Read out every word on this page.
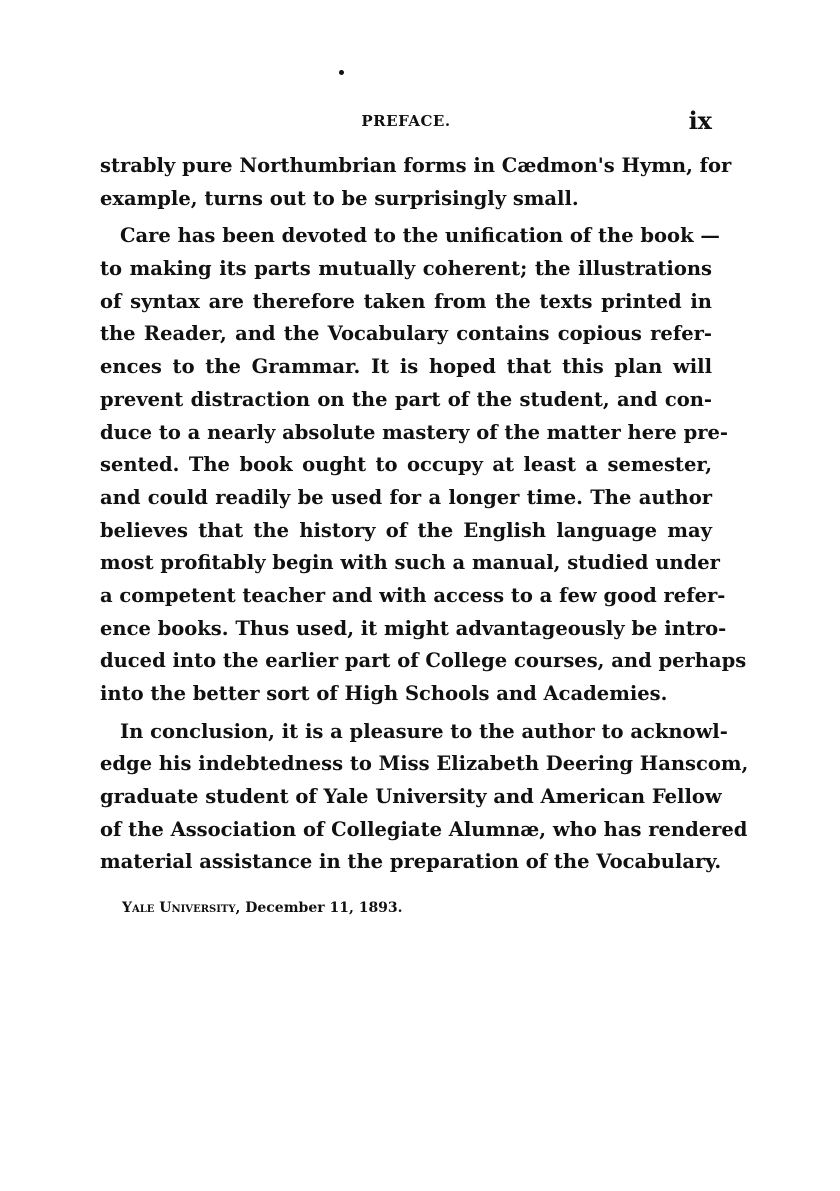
PREFACE.	ix
strably pure Northumbrian forms in Cædmon's Hymn, for
example, turns out to be surprisingly small.
Care has been devoted to the unification of the book —
to making its parts mutually coherent; the illustrations
of syntax are therefore taken from the texts printed in
the Reader, and the Vocabulary contains copious refer-
ences to the Grammar. It is hoped that this plan will
prevent distraction on the part of the student, and con-
duce to a nearly absolute mastery of the matter here pre-
sented. The book ought to occupy at least a semester,
and could readily be used for a longer time. The author
believes that the history of the English language may
most profitably begin with such a manual, studied under
a competent teacher and with access to a few good refer-
ence books. Thus used, it might advantageously be intro-
duced into the earlier part of College courses, and perhaps
into the better sort of High Schools and Academies.
In conclusion, it is a pleasure to the author to acknowl-
edge his indebtedness to Miss Elizabeth Deering Hanscom,
graduate student of Yale University and American Fellow
of the Association of Collegiate Alumnæ, who has rendered
material assistance in the preparation of the Vocabulary.
Yale University, December 11, 1893.
